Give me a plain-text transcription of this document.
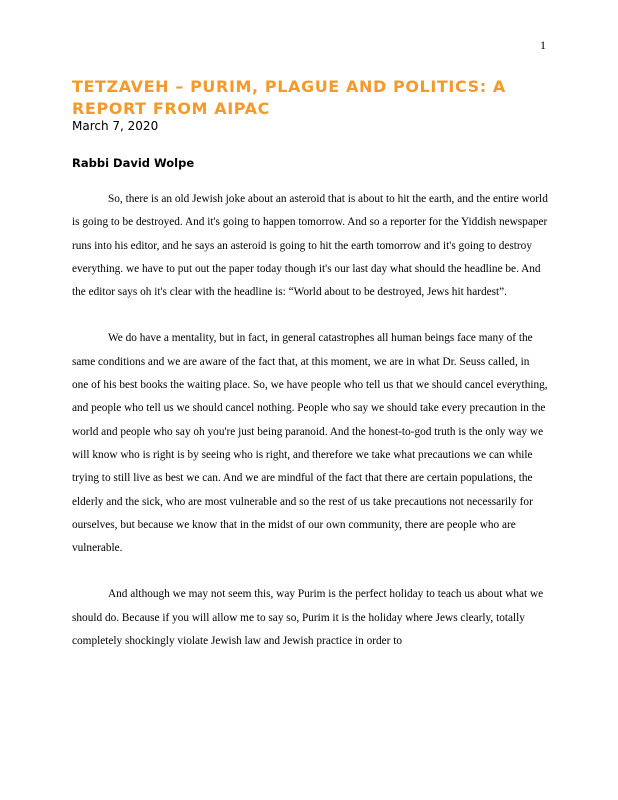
1
TETZAVEH – PURIM, PLAGUE AND POLITICS: A REPORT FROM AIPAC
March 7, 2020
Rabbi David Wolpe

So, there is an old Jewish joke about an asteroid that is about to hit the earth, and the entire world is going to be destroyed. And it's going to happen tomorrow. And so a reporter for the Yiddish newspaper runs into his editor, and he says an asteroid is going to hit the earth tomorrow and it's going to destroy everything. we have to put out the paper today though it's our last day what should the headline be. And the editor says oh it's clear with the headline is: “World about to be destroyed, Jews hit hardest”.

We do have a mentality, but in fact, in general catastrophes all human beings face many of the same conditions and we are aware of the fact that, at this moment, we are in what Dr. Seuss called, in one of his best books the waiting place. So, we have people who tell us that we should cancel everything, and people who tell us we should cancel nothing. People who say we should take every precaution in the world and people who say oh you're just being paranoid. And the honest-to-god truth is the only way we will know who is right is by seeing who is right, and therefore we take what precautions we can while trying to still live as best we can. And we are mindful of the fact that there are certain populations, the elderly and the sick, who are most vulnerable and so the rest of us take precautions not necessarily for ourselves, but because we know that in the midst of our own community, there are people who are vulnerable.

And although we may not seem this, way Purim is the perfect holiday to teach us about what we should do. Because if you will allow me to say so, Purim it is the holiday where Jews clearly, totally completely shockingly violate Jewish law and Jewish practice in order to
